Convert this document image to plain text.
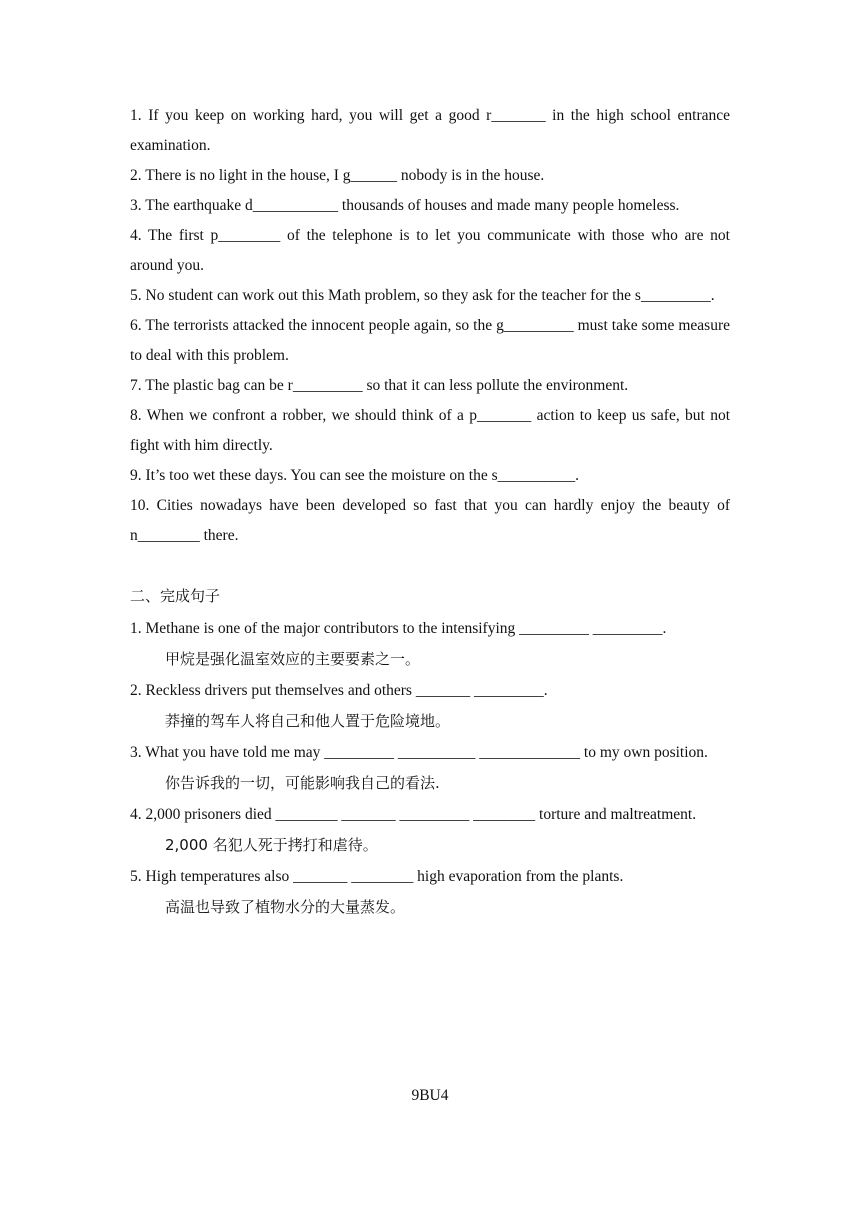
1. If you keep on working hard, you will get a good r_______ in the high school entrance examination.

2. There is no light in the house, I g______ nobody is in the house.

3. The earthquake d___________ thousands of houses and made many people homeless.

4. The first p________ of the telephone is to let you communicate with those who are not around you.

5. No student can work out this Math problem, so they ask for the teacher for the s_________.

6. The terrorists attacked the innocent people again, so the g_________ must take some measure to deal with this problem.

7. The plastic bag can be r_________ so that it can less pollute the environment.

8. When we confront a robber, we should think of a p_______ action to keep us safe, but not fight with him directly.

9. It’s too wet these days. You can see the moisture on the s__________.

10. Cities nowadays have been developed so fast that you can hardly enjoy the beauty of n________ there.

二、完成句子

1. Methane is one of the major contributors to the intensifying _________ _________.

甲烷是强化温室效应的主要要素之一。

2. Reckless drivers put themselves and others _______ _________.

莽撞的驾车人将自己和他人置于危险境地。

3. What you have told me may _________ __________ _____________ to my own position.

你告诉我的一切，可能影响我自己的看法.

4. 2,000 prisoners died ________ _______ _________ ________ torture and maltreatment.

2,000 名犯人死于拷打和虐待。

5. High temperatures also _______ ________ high evaporation from the plants.

高温也导致了植物水分的大量蒸发。

9BU4
